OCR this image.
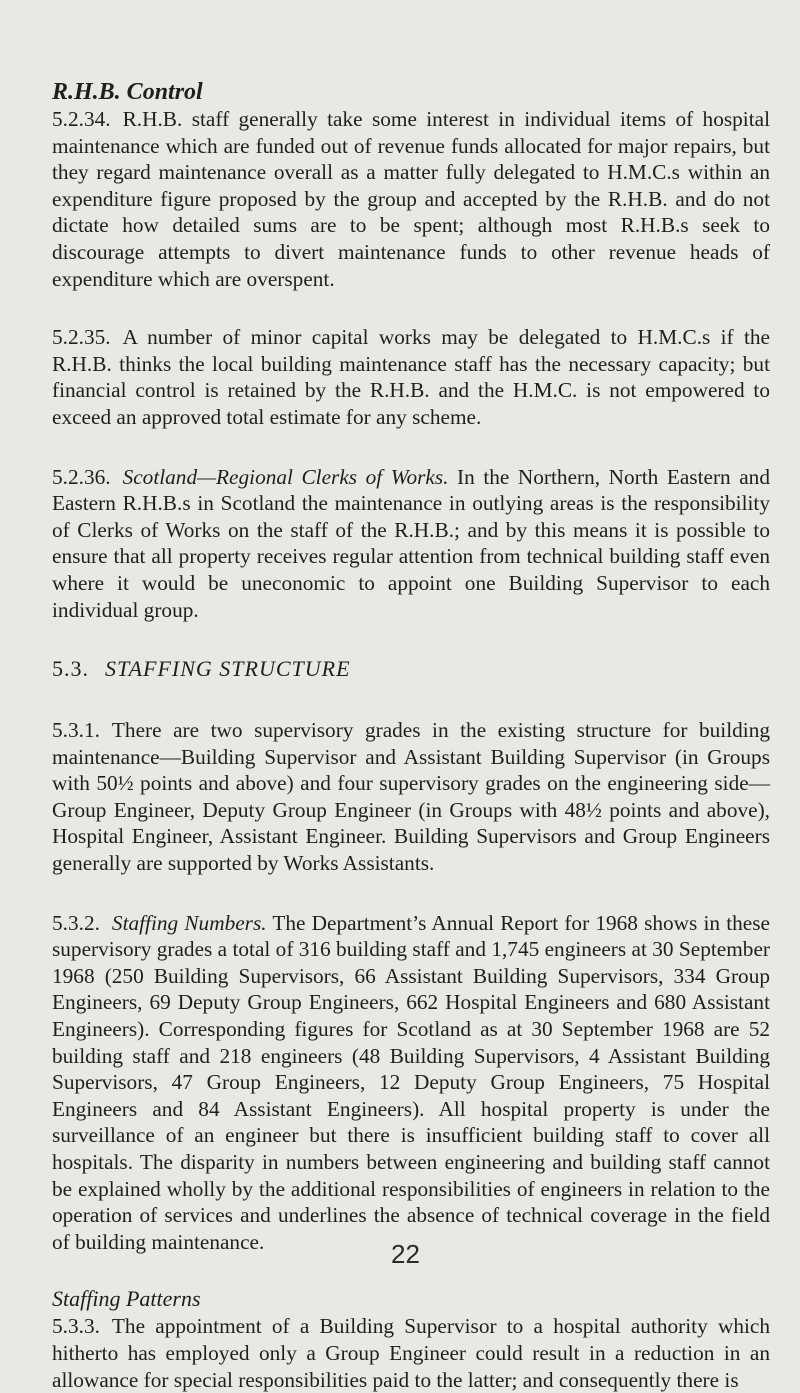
R.H.B. Control

5.2.34. R.H.B. staff generally take some interest in individual items of hospital maintenance which are funded out of revenue funds allocated for major repairs, but they regard maintenance overall as a matter fully delegated to H.M.C.s within an expenditure figure proposed by the group and accepted by the R.H.B. and do not dictate how detailed sums are to be spent; although most R.H.B.s seek to discourage attempts to divert maintenance funds to other revenue heads of expenditure which are overspent.

5.2.35. A number of minor capital works may be delegated to H.M.C.s if the R.H.B. thinks the local building maintenance staff has the necessary capacity; but financial control is retained by the R.H.B. and the H.M.C. is not empowered to exceed an approved total estimate for any scheme.

5.2.36. Scotland—Regional Clerks of Works. In the Northern, North Eastern and Eastern R.H.B.s in Scotland the maintenance in outlying areas is the responsibility of Clerks of Works on the staff of the R.H.B.; and by this means it is possible to ensure that all property receives regular attention from technical building staff even where it would be uneconomic to appoint one Building Supervisor to each individual group.

5.3. STAFFING STRUCTURE

5.3.1. There are two supervisory grades in the existing structure for building maintenance—Building Supervisor and Assistant Building Supervisor (in Groups with 50½ points and above) and four supervisory grades on the engineering side—Group Engineer, Deputy Group Engineer (in Groups with 48½ points and above), Hospital Engineer, Assistant Engineer. Building Supervisors and Group Engineers generally are supported by Works Assistants.

5.3.2. Staffing Numbers. The Department’s Annual Report for 1968 shows in these supervisory grades a total of 316 building staff and 1,745 engineers at 30 September 1968 (250 Building Supervisors, 66 Assistant Building Supervisors, 334 Group Engineers, 69 Deputy Group Engineers, 662 Hospital Engineers and 680 Assistant Engineers). Corresponding figures for Scotland as at 30 September 1968 are 52 building staff and 218 engineers (48 Building Supervisors, 4 Assistant Building Supervisors, 47 Group Engineers, 12 Deputy Group Engineers, 75 Hospital Engineers and 84 Assistant Engineers). All hospital property is under the surveillance of an engineer but there is insufficient building staff to cover all hospitals. The disparity in numbers between engineering and building staff cannot be explained wholly by the additional responsibilities of engineers in relation to the operation of services and underlines the absence of technical coverage in the field of building maintenance.

Staffing Patterns

5.3.3. The appointment of a Building Supervisor to a hospital authority which hitherto has employed only a Group Engineer could result in a reduction in an allowance for special responsibilities paid to the latter; and consequently there is

22
